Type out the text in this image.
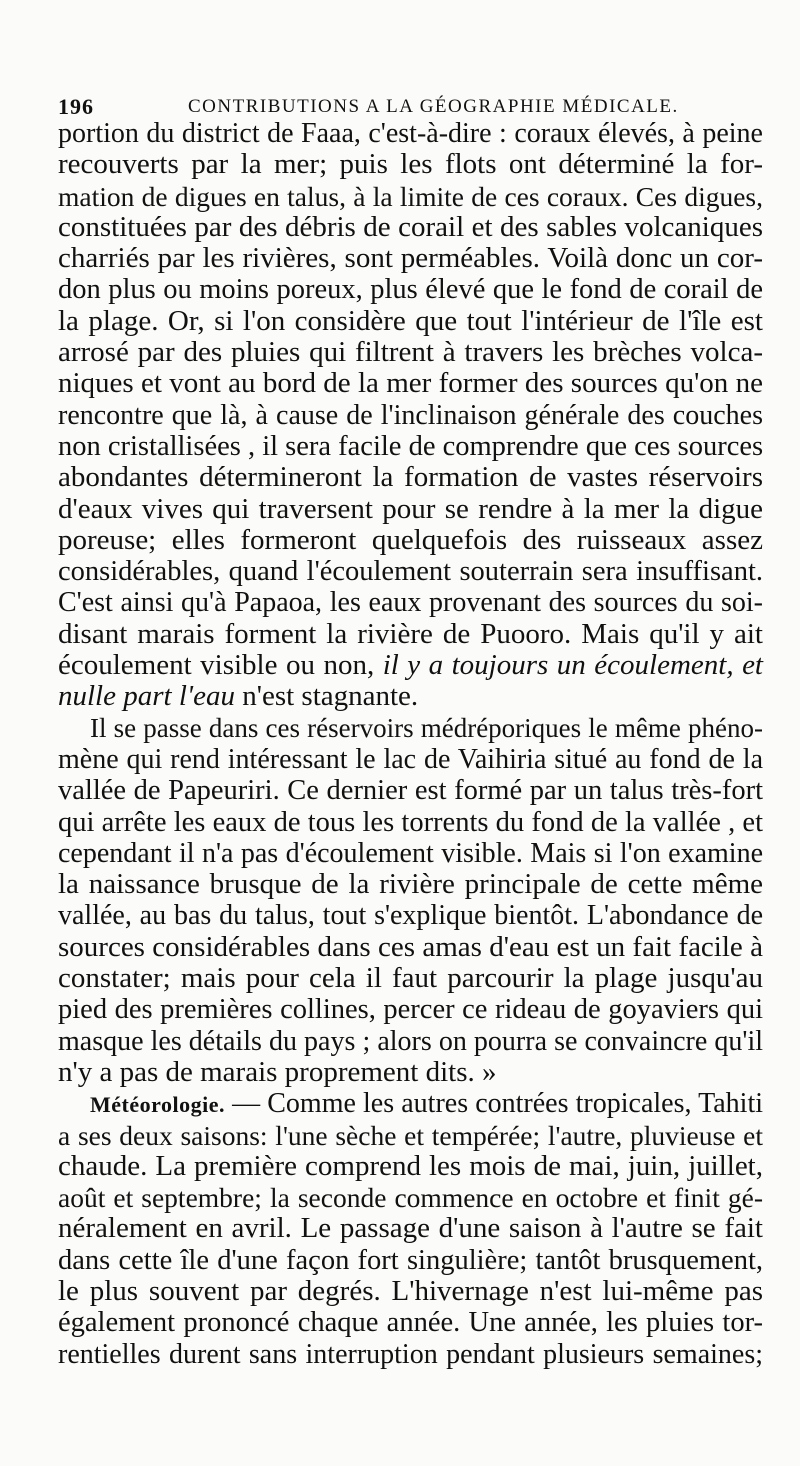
196	CONTRIBUTIONS A LA GÉOGRAPHIE MÉDICALE.
portion du district de Faaa, c'est-à-dire : coraux élevés, à peine
recouverts par la mer; puis les flots ont déterminé la for-
mation de digues en talus, à la limite de ces coraux. Ces digues,
constituées par des débris de corail et des sables volcaniques
charriés par les rivières, sont perméables. Voilà donc un cor-
don plus ou moins poreux, plus élevé que le fond de corail de
la plage. Or, si l'on considère que tout l'intérieur de l'île est
arrosé par des pluies qui filtrent à travers les brèches volca-
niques et vont au bord de la mer former des sources qu'on ne
rencontre que là, à cause de l'inclinaison générale des couches
non cristallisées , il sera facile de comprendre que ces sources
abondantes détermineront la formation de vastes réservoirs
d'eaux vives qui traversent pour se rendre à la mer la digue
poreuse; elles formeront quelquefois des ruisseaux assez
considérables, quand l'écoulement souterrain sera insuffisant.
C'est ainsi qu'à Papaoa, les eaux provenant des sources du soi-
disant marais forment la rivière de Puooro. Mais qu'il y ait
écoulement visible ou non, il y a toujours un écoulement, et
nulle part l'eau n'est stagnante.
Il se passe dans ces réservoirs médréporiques le même phéno-
mène qui rend intéressant le lac de Vaihiria situé au fond de la
vallée de Papeuriri. Ce dernier est formé par un talus très-fort
qui arrête les eaux de tous les torrents du fond de la vallée , et
cependant il n'a pas d'écoulement visible. Mais si l'on examine
la naissance brusque de la rivière principale de cette même
vallée, au bas du talus, tout s'explique bientôt. L'abondance de
sources considérables dans ces amas d'eau est un fait facile à
constater; mais pour cela il faut parcourir la plage jusqu'au
pied des premières collines, percer ce rideau de goyaviers qui
masque les détails du pays ; alors on pourra se convaincre qu'il
n'y a pas de marais proprement dits. »
Météorologie. — Comme les autres contrées tropicales, Tahiti
a ses deux saisons: l'une sèche et tempérée; l'autre, pluvieuse et
chaude. La première comprend les mois de mai, juin, juillet,
août et septembre; la seconde commence en octobre et finit gé-
néralement en avril. Le passage d'une saison à l'autre se fait
dans cette île d'une façon fort singulière; tantôt brusquement,
le plus souvent par degrés. L'hivernage n'est lui-même pas
également prononcé chaque année. Une année, les pluies tor-
rentielles durent sans interruption pendant plusieurs semaines;
